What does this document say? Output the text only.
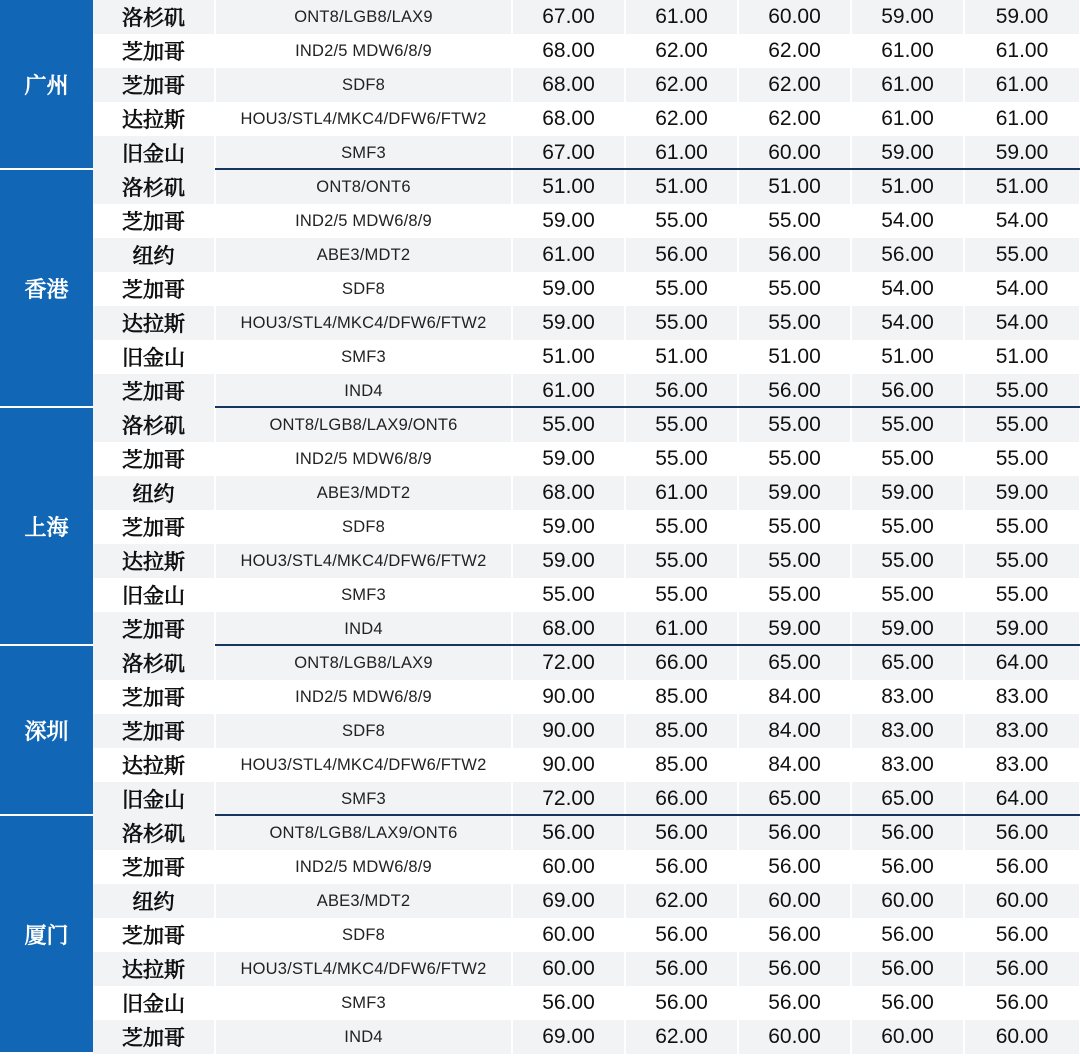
广州
洛杉矶	ONT8/LGB8/LAX9	67.00	61.00	60.00	59.00	59.00
芝加哥	IND2/5 MDW6/8/9	68.00	62.00	62.00	61.00	61.00
芝加哥	SDF8	68.00	62.00	62.00	61.00	61.00
达拉斯	HOU3/STL4/MKC4/DFW6/FTW2	68.00	62.00	62.00	61.00	61.00
旧金山	SMF3	67.00	61.00	60.00	59.00	59.00
香港
洛杉矶	ONT8/ONT6	51.00	51.00	51.00	51.00	51.00
芝加哥	IND2/5 MDW6/8/9	59.00	55.00	55.00	54.00	54.00
纽约	ABE3/MDT2	61.00	56.00	56.00	56.00	55.00
芝加哥	SDF8	59.00	55.00	55.00	54.00	54.00
达拉斯	HOU3/STL4/MKC4/DFW6/FTW2	59.00	55.00	55.00	54.00	54.00
旧金山	SMF3	51.00	51.00	51.00	51.00	51.00
芝加哥	IND4	61.00	56.00	56.00	56.00	55.00
上海
洛杉矶	ONT8/LGB8/LAX9/ONT6	55.00	55.00	55.00	55.00	55.00
芝加哥	IND2/5 MDW6/8/9	59.00	55.00	55.00	55.00	55.00
纽约	ABE3/MDT2	68.00	61.00	59.00	59.00	59.00
芝加哥	SDF8	59.00	55.00	55.00	55.00	55.00
达拉斯	HOU3/STL4/MKC4/DFW6/FTW2	59.00	55.00	55.00	55.00	55.00
旧金山	SMF3	55.00	55.00	55.00	55.00	55.00
芝加哥	IND4	68.00	61.00	59.00	59.00	59.00
深圳
洛杉矶	ONT8/LGB8/LAX9	72.00	66.00	65.00	65.00	64.00
芝加哥	IND2/5 MDW6/8/9	90.00	85.00	84.00	83.00	83.00
芝加哥	SDF8	90.00	85.00	84.00	83.00	83.00
达拉斯	HOU3/STL4/MKC4/DFW6/FTW2	90.00	85.00	84.00	83.00	83.00
旧金山	SMF3	72.00	66.00	65.00	65.00	64.00
厦门
洛杉矶	ONT8/LGB8/LAX9/ONT6	56.00	56.00	56.00	56.00	56.00
芝加哥	IND2/5 MDW6/8/9	60.00	56.00	56.00	56.00	56.00
纽约	ABE3/MDT2	69.00	62.00	60.00	60.00	60.00
芝加哥	SDF8	60.00	56.00	56.00	56.00	56.00
达拉斯	HOU3/STL4/MKC4/DFW6/FTW2	60.00	56.00	56.00	56.00	56.00
旧金山	SMF3	56.00	56.00	56.00	56.00	56.00
芝加哥	IND4	69.00	62.00	60.00	60.00	60.00
